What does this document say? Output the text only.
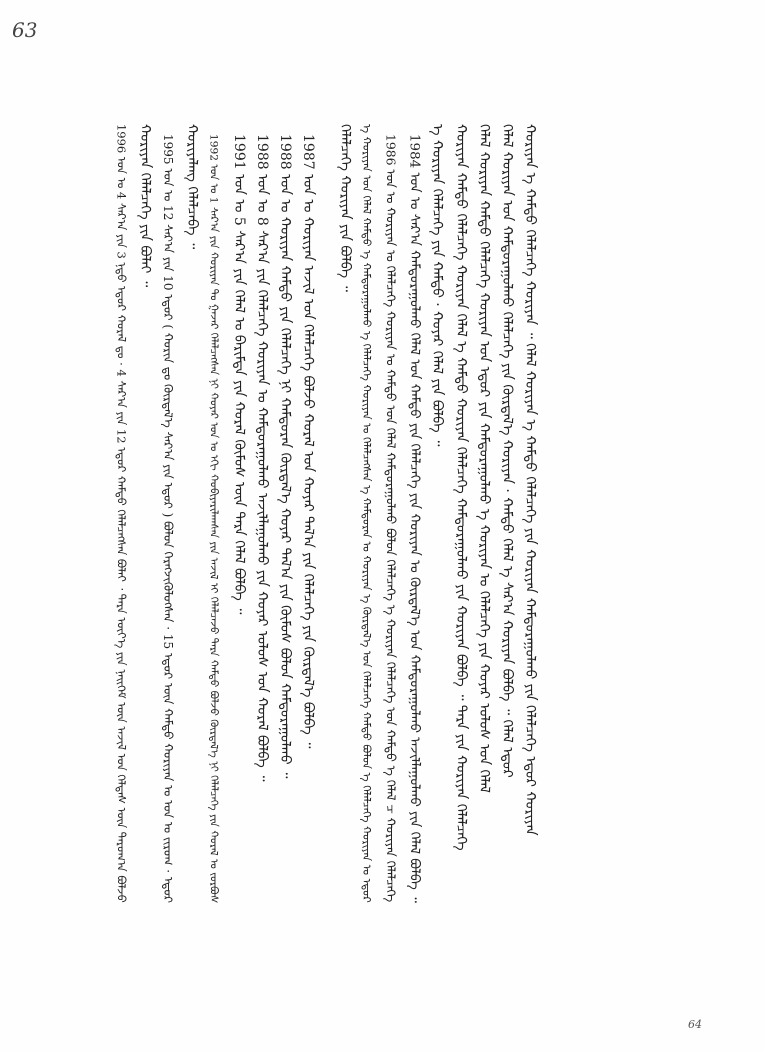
63
1996 ᠤᠨ ᠤ 4 ᠰᠠᠷ᠎ᠠ ᠶᠢᠨ 3 ᠨᠳᠦ ᠡᠳᠦᠷ ᠬᠤᠷᠠᠯ ᠳᠤ · 4 ᠰᠠᠷ᠎ᠠ ᠶᠢᠨ 12 ᠡᠳᠦᠷ ᠬᠠᠮᠲᠤ ᠬᠡᠯᠡᠯᠴᠡᠭᠰᠡᠨ ᠪᠣᠯᠠᠢ ᠂ ᠲᠡᠷᠡ ᠦᠶ᠎ᠡ ᠶᠢᠨ ᠨᠡᠢᠭᠡᠮ ᠦᠨ ᠠᠵᠢᠯ ᠤᠨ ᠬᠡᠯᠲᠡᠰ ᠦᠨ ᠳᠠᠷᠤᠭ᠎ᠠ ᠪᠣᠯᠵᠤ ᠬᠣᠷᠢᠶᠠᠨ ᠬᠡᠯᠡᠯᠴᠡᠭᠡ ᠶᠢᠨ ᠪᠣᠯᠠᠢ ᠃ 1995 ᠤᠨ ᠤ 12 ᠰᠠᠷ᠎ᠠ ᠶᠢᠨ 10 ᠡᠳᠦᠷ ( ᠬᠣᠷᠢᠨ ᠳᠤ ᠬᠦᠷᠲᠡᠯ᠎ᠡ ᠰᠠᠷ᠎ᠠ ᠶᠢᠨ ᠡᠳᠦᠷ ) ᠪᠣᠯᠤᠨ ᠬᠡᠷᠡᠭᠵᠢᠭᠦᠯᠦᠭᠰᠡᠨ · 15 ᠡᠳᠦᠷ ᠦᠨ ᠬᠠᠮᠲᠤ ᠬᠣᠷᠢᠶᠠᠨ ᠤ ᠣᠨ ᠤ ᠵᠢᠷᠤᠭ · ᠡᠳᠦᠷ ᠬᠣᠷᠢᠶᠠᠯᠠᠩ ᠬᠡᠯᠡᠯᠴᠡᠪᠡ ᠃ 1992 ᠤᠨ ᠤ 1 ᠰᠠᠷ᠎ᠠ ᠶᠢᠨ ᠬᠣᠷᠢᠶᠠᠨ ᠲᠤ ᠭᠠᠵᠠᠷ ᠬᠡᠯᠡᠯᠴᠡᠭᠰᠡᠨ ᠨᠢ ᠬᠣᠶᠠᠷ ᠣᠨ ᠤ ᠡᠬᠢ ᠬᠤᠪᠢᠶᠠᠷᠢᠯᠠᠭᠰᠠᠨ ᠶᠢᠨ ᠠᠵᠢᠯ ᠢ ᠬᠡᠯᠡᠯᠴᠡᠵᠦ ᠲᠡᠷᠡ ᠬᠠᠮᠲᠤ ᠪᠣᠯᠵᠤ ᠬᠦᠷᠲᠡᠯ᠎ᠡ ᠨᠢ ᠬᠡᠯᠡᠯᠴᠡᠭᠡ ᠶᠢᠨ ᠬᠤᠷᠠᠯ ᠤ ᠵᠤᠷᠪᠤᠰ 1991 ᠤᠨ ᠤ 5 ᠰᠠᠷ᠎ᠠ ᠶᠢᠨ ᠬᠡᠯᠡᠯ ᠤ ᠪᠠᠷᠢᠮᠲᠠ ᠶᠢᠨ ᠬᠤᠷᠠᠯ ᠬᠦᠮᠦᠰ ᠦᠨ ᠲᠡᠷᠡ ᠬᠡᠯᠡᠯ ᠪᠣᠯᠪᠠ ᠃ 1988 ᠤᠨ ᠤ 8 ᠰᠠᠷ᠎ᠠ ᠶᠢᠨ ᠬᠡᠯᠡᠯᠴᠡᠭᠡ ᠬᠣᠷᠢᠶᠠᠨ ᠤ ᠬᠠᠮᠲᠤᠷᠠᠭᠤᠯᠬᠤ ᠠᠵᠢᠯᠯᠠᠭᠤᠯᠬᠤ ᠶᠢᠨ ᠬᠣᠶᠠᠷ ᠤᠯᠤᠰ ᠤᠨ ᠬᠤᠷᠠᠯ ᠪᠣᠯᠪᠠ ᠃ 1988 ᠤᠨ ᠤ ᠬᠣᠷᠢᠶᠠᠨ ᠬᠠᠮᠲᠤ ᠶᠢᠨ ᠬᠡᠯᠡᠯᠴᠡᠭᠡ ᠨᠢ ᠬᠠᠮᠲᠤᠷᠠᠨ ᠬᠦᠷᠲᠡᠯ᠎ᠡ ᠬᠣᠶᠠᠷ ᠲᠠᠯ᠎ᠠ ᠶᠢᠨ ᠬᠦᠮᠦᠰ ᠪᠣᠯᠤᠨ ᠬᠠᠮᠲᠤᠷᠠᠭᠤᠯᠬᠤ ᠃ 1987 ᠤᠨ ᠤ ᠬᠣᠷᠢᠶᠠᠨ ᠠᠵᠢᠯ ᠤᠨ ᠬᠡᠯᠡᠯᠴᠡᠭᠡ ᠪᠣᠯᠵᠤ ᠬᠤᠷᠠᠯ ᠤᠨ ᠬᠣᠶᠠᠷ ᠲᠠᠯ᠎ᠠ ᠶᠢᠨ ᠬᠡᠯᠡᠯᠴᠡᠭᠡ ᠶᠢᠨ ᠬᠦᠷᠲᠡᠯ᠎ᠡ ᠪᠣᠯᠪᠠ ᠃ ᠬᠡᠯᠡᠯᠴᠡᠭᠡ ᠬᠣᠷᠢᠶᠠᠨ ᠶᠢᠨ ᠪᠣᠯᠪᠠ ᠃ ᠡ ᠬᠣᠷᠢᠶᠠᠨ ᠤᠨ ᠬᠡᠯᠡᠯ ᠬᠠᠮᠲᠤ ᠡ ᠬᠠᠮᠲᠤᠷᠠᠭᠤᠯᠬᠤ ᠡ ᠬᠡᠯᠡᠯᠴᠡᠭᠡ ᠬᠣᠷᠢᠶᠠᠨ ᠤ ᠬᠡᠯᠡᠯᠴᠡᠭᠰᠡᠨ ᠡ ᠬᠠᠮᠲᠤᠷᠠᠨ ᠤ ᠬᠣᠷᠢᠶᠠᠨ ᠡ ᠬᠦᠷᠲᠡᠯ᠎ᠡ ᠤᠨ ᠬᠡᠯᠡᠯᠴᠡᠭᠡ ᠬᠠᠮᠲᠤ ᠪᠣᠯᠤᠨ ᠡ ᠬᠡᠯᠡᠯᠴᠡᠭᠡ ᠬᠣᠷᠢᠶᠠᠨ ᠤ ᠡᠳᠦᠷ 1986 ᠤᠨ ᠤ ᠬᠣᠷᠢᠶᠠᠨ ᠤ ᠬᠡᠯᠡᠯᠴᠡᠭᠡ ᠬᠣᠷᠢᠶᠠᠨ ᠤ ᠬᠠᠮᠲᠤ ᠤᠨ ᠬᠡᠯᠡᠯ ᠬᠠᠮᠲᠤᠷᠠᠭᠤᠯᠬᠤ ᠪᠣᠯᠤᠨ ᠬᠡᠯᠡᠯᠴᠡᠭᠡ ᠡ ᠬᠣᠷᠢᠶᠠᠨ ᠬᠡᠯᠡᠯᠴᠡᠭᠡ ᠤᠨ ᠬᠠᠮᠲᠤ ᠡ ᠬᠡᠯᠡᠯ ᠴ ᠬᠣᠷᠢᠶᠠᠨ ᠬᠡᠯᠡᠯᠴᠡᠭᠡ 1984 ᠤᠨ ᠤ ᠰᠠᠷ᠎ᠠ ᠬᠠᠮᠲᠤᠷᠠᠭᠤᠯᠬᠤ ᠬᠡᠯᠡᠯ ᠤᠨ ᠬᠠᠮᠲᠤ ᠶᠢᠨ ᠬᠡᠯᠡᠯᠴᠡᠭᠡ ᠶᠢᠨ ᠬᠣᠷᠢᠶᠠᠨ ᠤ ᠬᠦᠷᠲᠡᠯ᠎ᠡ ᠤᠨ ᠬᠠᠮᠲᠤᠷᠠᠭᠤᠯᠬᠤ ᠠᠵᠢᠯᠯᠠᠭᠤᠯᠬᠤ ᠶᠢᠨ ᠬᠡᠯᠡᠯ ᠪᠣᠯᠪᠠ ᠃ ᠡ ᠬᠣᠷᠢᠶᠠᠨ ᠬᠡᠯᠡᠯᠴᠡᠭᠡ ᠶᠢᠨ ᠬᠠᠮᠲᠤ · ᠬᠣᠶᠠᠷ ᠬᠡᠯᠡᠯ ᠶᠢᠨ ᠪᠣᠯᠪᠠ ᠃ ᠬᠣᠷᠢᠶᠠᠨ ᠬᠠᠮᠲᠤ ᠬᠡᠯᠡᠯᠴᠡᠭᠡ ᠬᠣᠷᠢᠶᠠᠨ ᠬᠡᠯᠡᠯ ᠡ ᠬᠠᠮᠲᠤ ᠬᠣᠷᠢᠶᠠᠨ ᠬᠡᠯᠡᠯᠴᠡᠭᠡ ᠬᠠᠮᠲᠤᠷᠠᠭᠤᠯᠬᠤ ᠶᠢᠨ ᠬᠣᠷᠢᠶᠠᠨ ᠪᠣᠯᠪᠠ ᠃ ᠲᠡᠷᠡ ᠶᠢᠨ ᠬᠣᠷᠢᠶᠠᠨ ᠬᠡᠯᠡᠯᠴᠡᠭᠡ ᠬᠡᠯᠡᠯ ᠬᠣᠷᠢᠶᠠᠨ ᠬᠠᠮᠲᠤ ᠬᠡᠯᠡᠯᠴᠡᠭᠡ ᠬᠣᠷᠢᠶᠠᠨ ᠤᠨ ᠡᠳᠦᠷ ᠶᠢᠨ ᠬᠠᠮᠲᠤᠷᠠᠭᠤᠯᠬᠤ ᠡ ᠬᠣᠷᠢᠶᠠᠨ ᠤ ᠬᠡᠯᠡᠯᠴᠡᠭᠡ ᠶᠢᠨ ᠬᠣᠶᠠᠷ ᠤᠯᠤᠰ ᠤᠨ ᠬᠡᠯᠡᠯ ᠬᠡᠯᠡᠯ ᠬᠣᠷᠢᠶᠠᠨ ᠤᠨ ᠬᠠᠮᠲᠤᠷᠠᠭᠤᠯᠬᠤ ᠬᠡᠯᠡᠯᠴᠡᠭᠡ ᠶᠢᠨ ᠬᠦᠷᠲᠡᠯ᠎ᠡ ᠬᠣᠷᠢᠶᠠᠨ · ᠬᠠᠮᠲᠤ ᠬᠡᠯᠡᠯ ᠡ ᠰᠠᠷ᠎ᠠ ᠬᠣᠷᠢᠶᠠᠨ ᠪᠣᠯᠪᠠ ᠃ ᠬᠡᠯᠡᠯ ᠡᠳᠦᠷ ᠬᠣᠷᠢᠶᠠᠨ ᠡ ᠬᠠᠮᠲᠤ ᠬᠡᠯᠡᠯᠴᠡᠭᠡ ᠬᠣᠷᠢᠶᠠᠨ ᠃ ᠬᠡᠯᠡᠯ ᠬᠣᠷᠢᠶᠠᠨ ᠡ ᠬᠠᠮᠲᠤ ᠬᠡᠯᠡᠯᠴᠡᠭᠡ ᠶᠢᠨ ᠬᠣᠷᠢᠶᠠᠨ ᠬᠠᠮᠲᠤᠷᠠᠭᠤᠯᠬᠤ ᠶᠢᠨ ᠬᠡᠯᠡᠯᠴᠡᠭᠡ ᠡᠳᠦᠷ ᠬᠣᠷᠢᠶᠠᠨ
64
